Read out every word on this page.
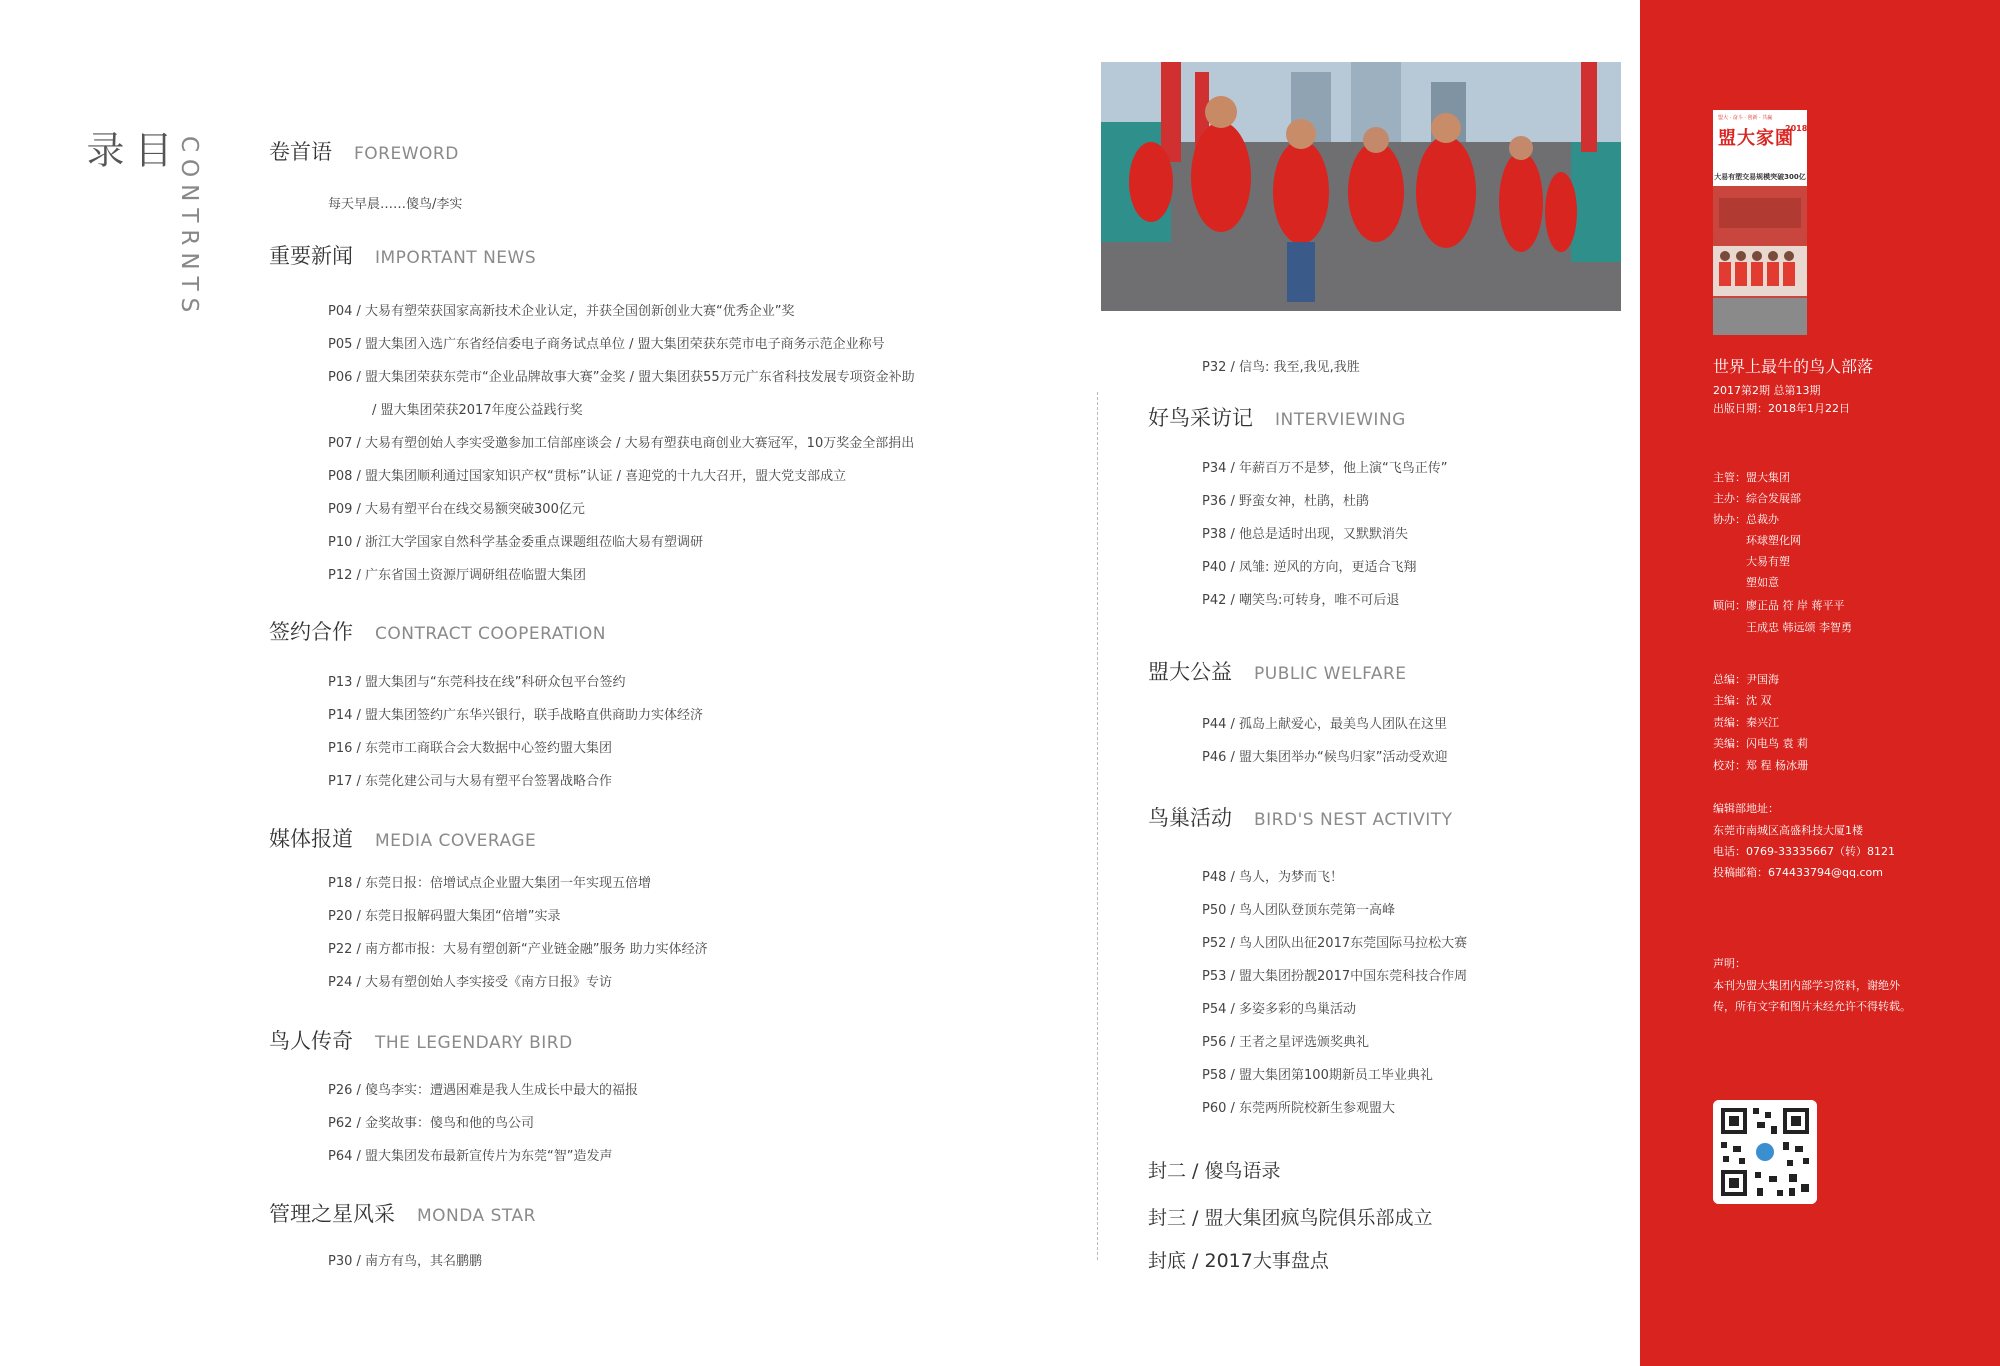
目录	CONTRNTS	卷首语 FOREWORD
每天早晨……傻鸟/李实
重要新闻 IMPORTANT NEWS
P04 / 大易有塑荣获国家高新技术企业认定，并获全国创新创业大赛“优秀企业”奖
P05 / 盟大集团入选广东省经信委电子商务试点单位 / 盟大集团荣获东莞市电子商务示范企业称号
P06 / 盟大集团荣获东莞市“企业品牌故事大赛”金奖 / 盟大集团获55万元广东省科技发展专项资金补助
/ 盟大集团荣获2017年度公益践行奖
P07 / 大易有塑创始人李实受邀参加工信部座谈会 / 大易有塑获电商创业大赛冠军，10万奖金全部捐出
P08 / 盟大集团顺利通过国家知识产权“贯标”认证 / 喜迎党的十九大召开，盟大党支部成立
P09 / 大易有塑平台在线交易额突破300亿元
P10 / 浙江大学国家自然科学基金委重点课题组莅临大易有塑调研
P12 / 广东省国土资源厅调研组莅临盟大集团
签约合作 CONTRACT COOPERATION
P13 / 盟大集团与“东莞科技在线”科研众包平台签约
P14 / 盟大集团签约广东华兴银行，联手战略直供商助力实体经济
P16 / 东莞市工商联合会大数据中心签约盟大集团
P17 / 东莞化建公司与大易有塑平台签署战略合作
媒体报道 MEDIA COVERAGE
P18 / 东莞日报：倍增试点企业盟大集团一年实现五倍增
P20 / 东莞日报解码盟大集团“倍增”实录
P22 / 南方都市报：大易有塑创新“产业链金融”服务 助力实体经济
P24 / 大易有塑创始人李实接受《南方日报》专访
鸟人传奇 THE LEGENDARY BIRD
P26 / 傻鸟李实：遭遇困难是我人生成长中最大的福报
P62 / 金奖故事：傻鸟和他的鸟公司
P64 / 盟大集团发布最新宣传片为东莞“智”造发声
管理之星风采 MONDA STAR
P30 / 南方有鸟，其名鹏鹏
P32 / 信鸟: 我至,我见,我胜
好鸟采访记 INTERVIEWING
P34 / 年薪百万不是梦，他上演“飞鸟正传”
P36 / 野蛮女神，杜鹃，杜鹃
P38 / 他总是适时出现，又默默消失
P40 / 凤雏: 逆风的方向，更适合飞翔
P42 / 嘲笑鸟:可转身，唯不可后退
盟大公益 PUBLIC WELFARE
P44 / 孤岛上献爱心，最美鸟人团队在这里
P46 / 盟大集团举办“候鸟归家”活动受欢迎
鸟巢活动 BIRD'S NEST ACTIVITY
P48 / 鸟人，为梦而飞！
P50 / 鸟人团队登顶东莞第一高峰
P52 / 鸟人团队出征2017东莞国际马拉松大赛
P53 / 盟大集团扮靓2017中国东莞科技合作周
P54 / 多姿多彩的鸟巢活动
P56 / 王者之星评选颁奖典礼
P58 / 盟大集团第100期新员工毕业典礼
P60 / 东莞两所院校新生参观盟大
封二 / 傻鸟语录
封三 / 盟大集团疯鸟院俱乐部成立
封底 / 2017大事盘点
盟大 · 奋斗 · 创新 · 共赢
盟大家園
2018
大易有塑交易规模突破300亿
世界上最牛的鸟人部落
2017第2期 总第13期
出版日期：2018年1月22日
主管：盟大集团
主办：综合发展部
协办：总裁办
环球塑化网
大易有塑
塑如意
顾问：廖正品 符 岸 蒋平平
王成忠 韩远颂 李智勇
总编：尹国海
主编：沈 双
责编：秦兴江
美编：闪电鸟 袁 莉
校对：郑 程 杨冰珊
编辑部地址：
东莞市南城区高盛科技大厦1楼
电话：0769-33335667（转）8121
投稿邮箱：674433794@qq.com
声明：
本刊为盟大集团内部学习资料，谢绝外
传，所有文字和图片未经允许不得转载。
